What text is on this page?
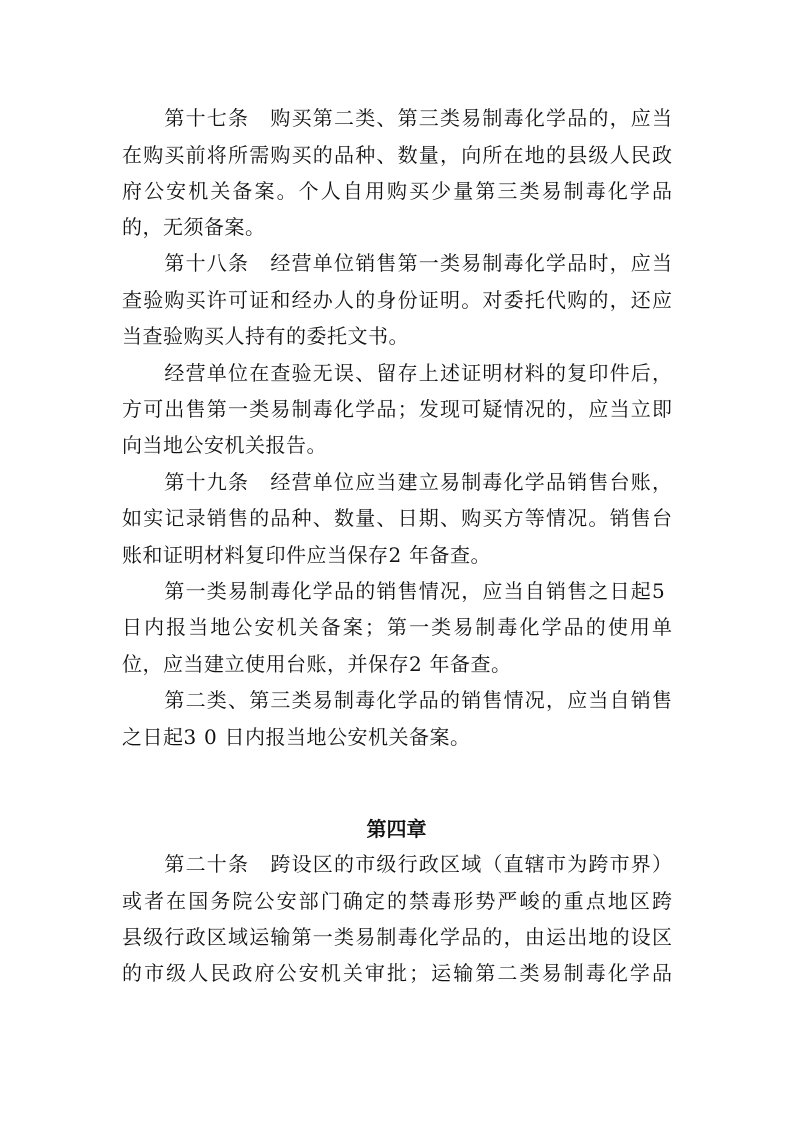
第 十 七 条
　 购 买 第 二 类 、 第 三 类 易 制 毒 化 学 品 的 ， 应 当
在 购 买 前 将 所 需 购 买 的 品 种 、 数 量 ， 向 所 在 地 的 县 级 人 民 政
府 公 安 机 关 备 案 。 个 人 自 用 购 买 少 量 第 三 类 易 制 毒 化 学 品
的 ， 无 须 备 案 。

第 十 八 条
　 经 营 单 位 销 售 第 一 类 易 制 毒 化 学 品 时 ， 应 当
查 验 购 买 许 可 证 和 经 办 人 的 身 份 证 明 。 对 委 托 代 购 的 ， 还 应
当 查 验 购 买 人 持 有 的 委 托 文 书 。

经 营 单 位 在 查 验 无 误 、 留 存 上 述 证 明 材 料 的 复 印 件 后 ，
方 可 出 售 第 一 类 易 制 毒 化 学 品 ； 发 现 可 疑 情 况 的 ， 应 当 立 即
向 当 地 公 安 机 关 报 告 。

第 十 九 条
　 经 营 单 位 应 当 建 立 易 制 毒 化 学 品 销 售 台 账 ，
如 实 记 录 销 售 的 品 种 、 数 量 、 日 期 、 购 买 方 等 情 况 。 销 售 台
账 和 证 明 材 料 复 印 件 应 当 保 存 2 年 备 查 。

第 一 类 易 制 毒 化 学 品 的 销 售 情 况 ， 应 当 自 销 售 之 日 起 5
日 内 报 当 地 公 安 机 关 备 案 ； 第 一 类 易 制 毒 化 学 品 的 使 用 单
位 ， 应 当 建 立 使 用 台 账 ， 并 保 存 2 年 备 查 。

第 二 类 、 第 三 类 易 制 毒 化 学 品 的 销 售 情 况 ， 应 当 自 销 售
之 日 起 3 0 日 内 报 当 地 公 安 机 关 备 案 。
第四章

第 二 十 条
　 跨 设 区 的 市 级 行 政 区 域 （ 直 辖 市 为 跨 市 界 ）
或 者 在 国 务 院 公 安 部 门 确 定 的 禁 毒 形 势 严 峻 的 重 点 地 区 跨
县 级 行 政 区 域 运 输 第 一 类 易 制 毒 化 学 品 的 ， 由 运 出 地 的 设 区
的 市 级 人 民 政 府 公 安 机 关 审 批 ； 运 输 第 二 类 易 制 毒 化 学 品
